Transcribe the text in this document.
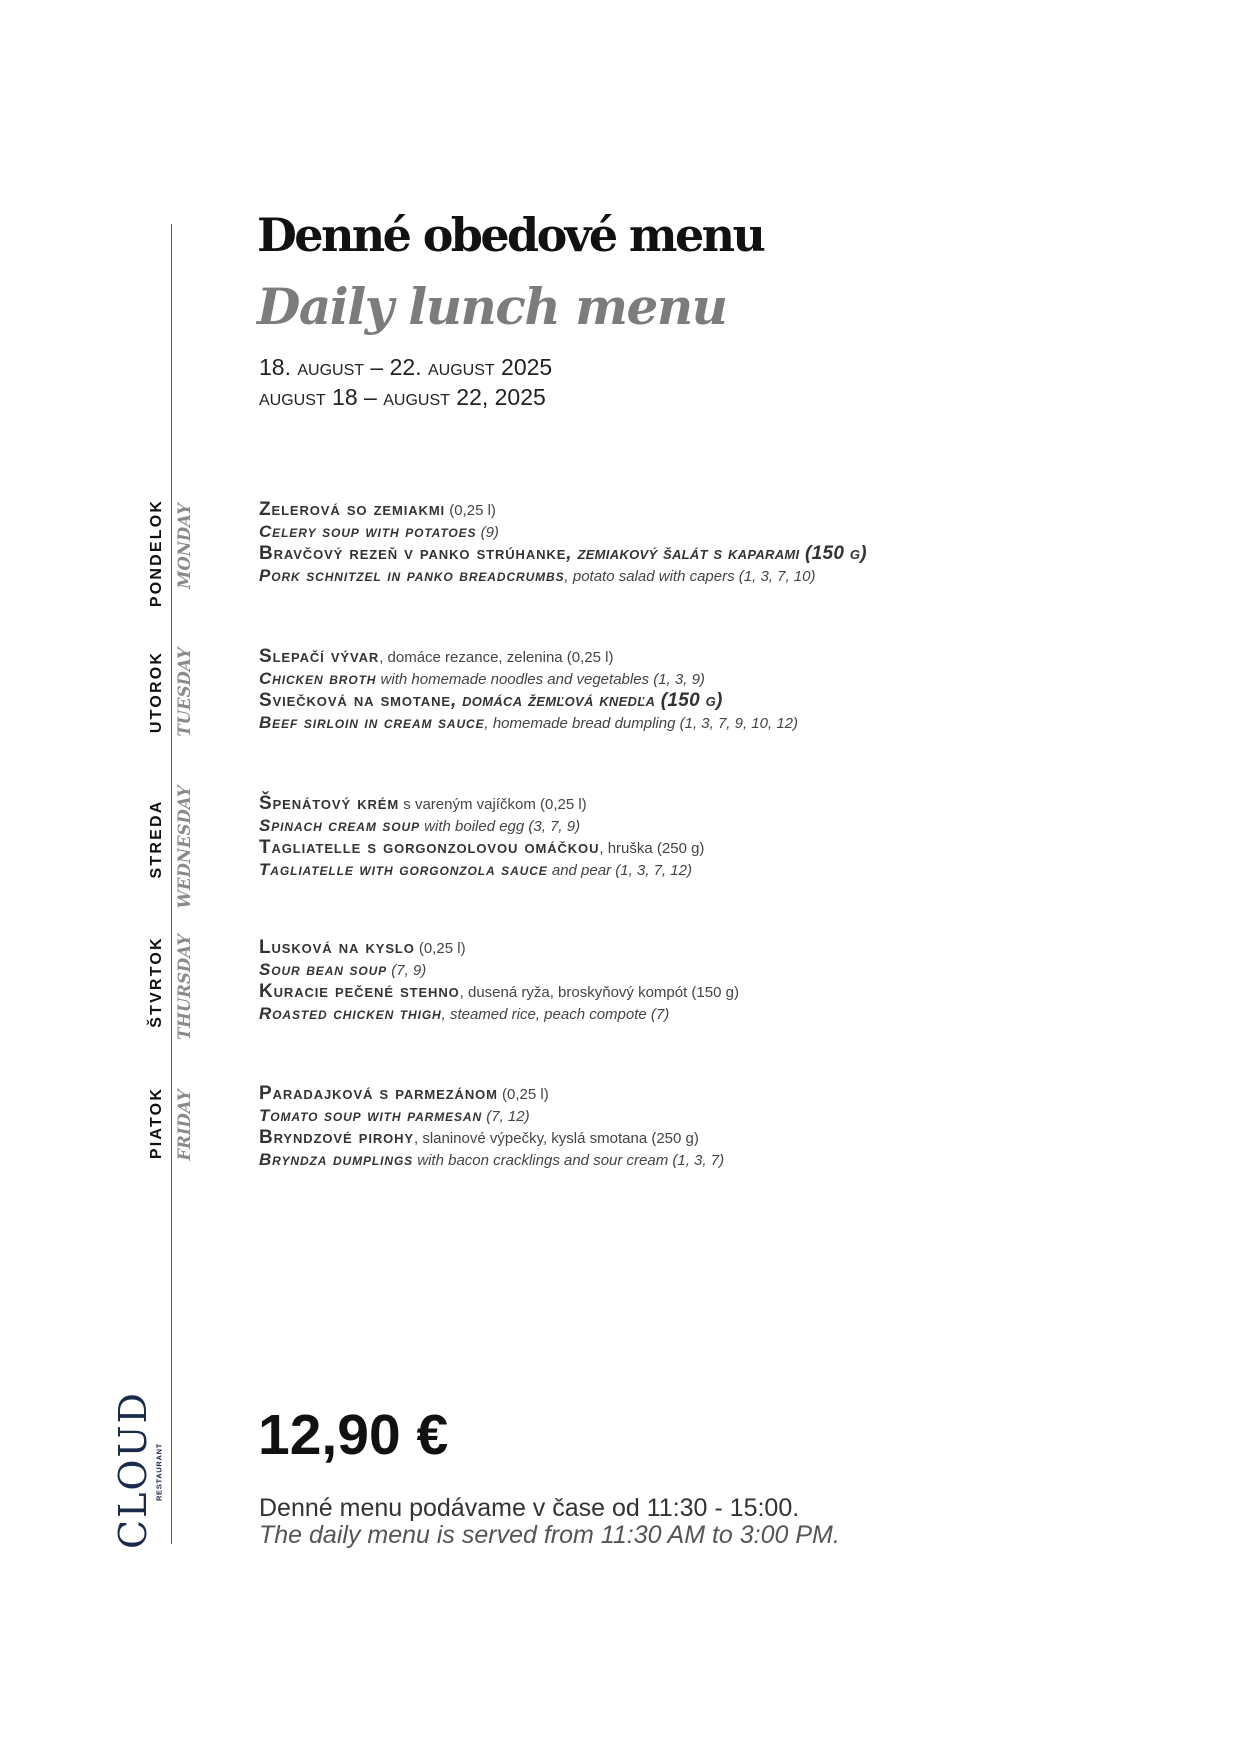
Denné obedové menu
Daily lunch menu
18. august – 22. august 2025
august 18 – august 22, 2025
PONDELOK MONDAY	Zelerová so zemiakmi (0,25 l)
Celery soup with potatoes (9)
Bravčový rezeň v panko strúhanke, zemiakový šalát s kaparami (150 g)
Pork schnitzel in panko breadcrumbs, potato salad with capers (1, 3, 7, 10)
UTOROK TUESDAY	Slepačí vývar, domáce rezance, zelenina (0,25 l)
Chicken broth with homemade noodles and vegetables (1, 3, 9)
Sviečková na smotane, domáca žemľová knedľa (150 g)
Beef sirloin in cream sauce, homemade bread dumpling (1, 3, 7, 9, 10, 12)
STREDA WEDNESDAY	Špenátový krém s vareným vajíčkom (0,25 l)
Spinach cream soup with boiled egg (3, 7, 9)
Tagliatelle s gorgonzolovou omáčkou, hruška (250 g)
Tagliatelle with gorgonzola sauce and pear (1, 3, 7, 12)
ŠTVRTOK THURSDAY	Lusková na kyslo (0,25 l)
Sour bean soup (7, 9)
Kuracie pečené stehno, dusená ryža, broskyňový kompót (150 g)
Roasted chicken thigh, steamed rice, peach compote (7)
PIATOK FRIDAY	Paradajková s parmezánom (0,25 l)
Tomato soup with parmesan (7, 12)
Bryndzové pirohy, slaninové výpečky, kyslá smotana (250 g)
Bryndza dumplings with bacon cracklings and sour cream (1, 3, 7)
12,90 €
Denné menu podávame v čase od 11:30 - 15:00.
The daily menu is served from 11:30 AM to 3:00 PM.
CLOUD RESTAURANT
